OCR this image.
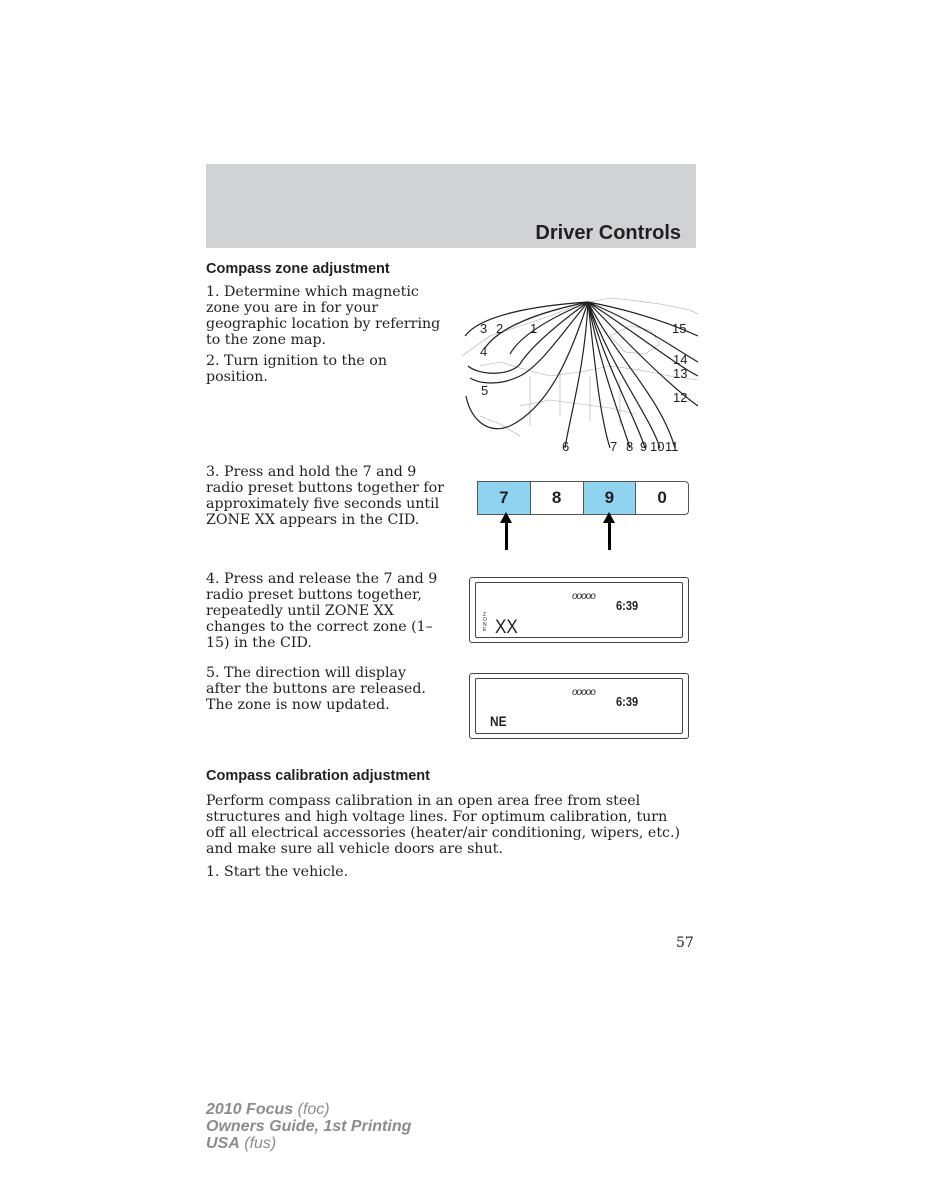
Driver Controls
Compass zone adjustment

1. Determine which magnetic zone you are in for your geographic location by referring to the zone map.

2. Turn ignition to the on position.

3 2 1
4
5
6	7 8 9 10 11
12
13
14
15

3. Press and hold the 7 and 9 radio preset buttons together for approximately five seconds until ZONE XX appears in the CID.

7	8	9	0

4. Press and release the 7 and 9 radio preset buttons together, repeatedly until ZONE XX changes to the correct zone (1–15) in the CID.

ooooo
6:39
Z
O
N
E XX

5. The direction will display after the buttons are released. The zone is now updated.

ooooo
6:39
NE
Compass calibration adjustment

Perform compass calibration in an open area free from steel structures and high voltage lines. For optimum calibration, turn off all electrical accessories (heater/air conditioning, wipers, etc.) and make sure all vehicle doors are shut.

1. Start the vehicle.

57
2010 Focus (foc)
Owners Guide, 1st Printing
USA (fus)
